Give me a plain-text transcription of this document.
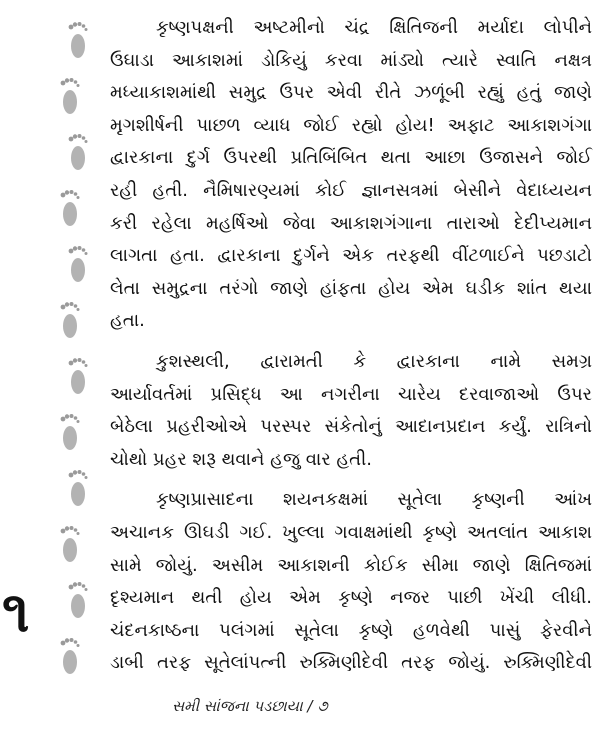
૧
કૃષ્ણપક્ષની અષ્ટમીનો ચંદ્ર ક્ષિતિજની મર્યાદા લોપીને
ઉઘાડા આકાશમાં ડોકિયું કરવા માંડ્યો ત્યારે સ્વાતિ નક્ષત્ર
મધ્યાકાશમાંથી સમુદ્ર ઉપર એવી રીતે ઝળૂંબી રહ્યું હતું જાણે
મૃગશીર્ષની પાછળ વ્યાધ જોઈ રહ્યો હોય! અફાટ આકાશગંગા
દ્વારકાના દુર્ગ ઉપરથી પ્રતિબિંબિત થતા આછા ઉજાસને જોઈ
રહી હતી. નૈમિષારણ્યમાં કોઈ જ્ઞાનસત્રમાં બેસીને વેદાધ્યયન
કરી રહેલા મહર્ષિઓ જેવા આકાશગંગાના તારાઓ દેદીપ્યમાન
લાગતા હતા. દ્વારકાના દુર્ગને એક તરફથી વીંટળાઈને પછડાટો
લેતા સમુદ્રના તરંગો જાણે હાંફતા હોય એમ ઘડીક શાંત થયા
હતા.
કુશસ્થલી, દ્વારામતી કે દ્વારકાના નામે સમગ્ર
આર્યાવર્તમાં પ્રસિદ્ધ આ નગરીના ચારેય દરવાજાઓ ઉપર
બેઠેલા પ્રહરીઓએ પરસ્પર સંકેતોનું આદાનપ્રદાન કર્યું. રાત્રિનો
ચોથો પ્રહર શરૂ થવાને હજુ વાર હતી.
કૃષ્ણપ્રાસાદના શયનકક્ષમાં સૂતેલા કૃષ્ણની આંખ
અચાનક ઊઘડી ગઈ. ખુલ્લા ગવાક્ષમાંથી કૃષ્ણે અતલાંત આકાશ
સામે જોયું. અસીમ આકાશની કોઈક સીમા જાણે ક્ષિતિજમાં
દૃશ્યમાન થતી હોય એમ કૃષ્ણે નજર પાછી ખેંચી લીધી.
ચંદનકાષ્ઠના પલંગમાં સૂતેલા કૃષ્ણે હળવેથી પાસું ફેરવીને
ડાબી તરફ સૂતેલાંપત્ની રુક્મિણીદેવી તરફ જોયું. રુક્મિણીદેવી
સમી સાંજના પડછાયા / ૭
